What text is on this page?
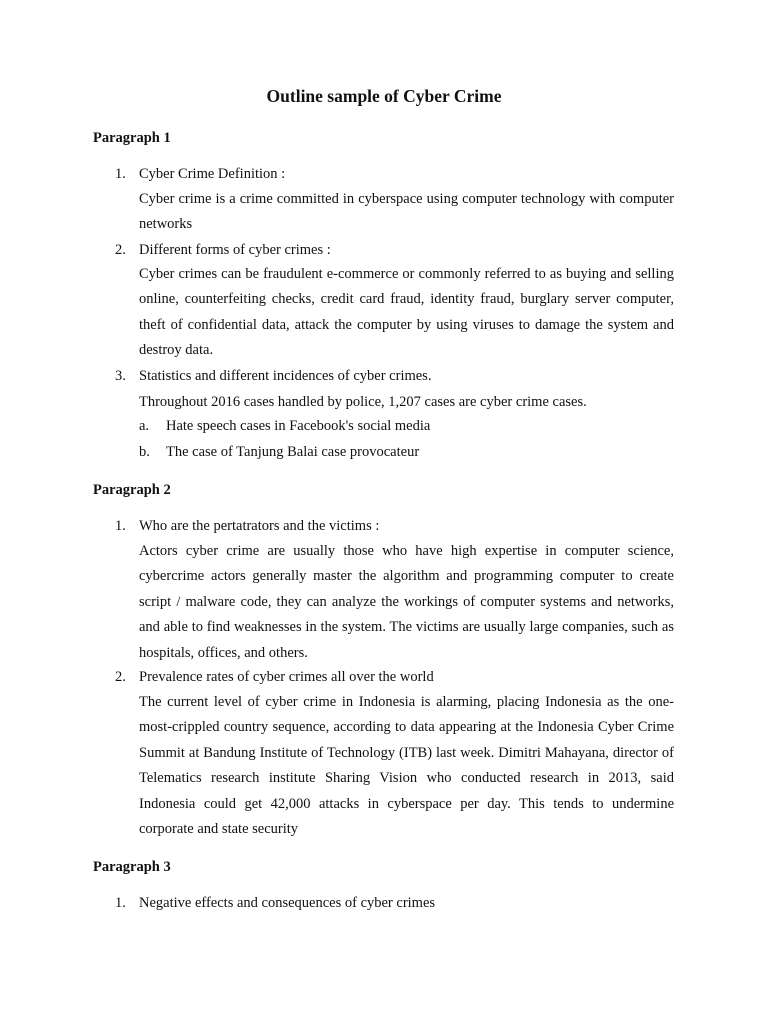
Outline sample of Cyber Crime
Paragraph 1
1. Cyber Crime Definition :
Cyber crime is a crime committed in cyberspace using computer technology with computer networks
2. Different forms of cyber crimes :
Cyber crimes can be fraudulent e-commerce or commonly referred to as buying and selling online, counterfeiting checks, credit card fraud, identity fraud, burglary server computer, theft of confidential data, attack the computer by using viruses to damage the system and destroy data.
3. Statistics and different incidences of cyber crimes.
Throughout 2016 cases handled by police, 1,207 cases are cyber crime cases.
a. Hate speech cases in Facebook's social media
b. The case of Tanjung Balai case provocateur
Paragraph 2
1. Who are the pertatrators and the victims :
Actors cyber crime are usually those who have high expertise in computer science, cybercrime actors generally master the algorithm and programming computer to create script / malware code, they can analyze the workings of computer systems and networks, and able to find weaknesses in the system. The victims are usually large companies, such as hospitals, offices, and others.
2. Prevalence rates of cyber crimes all over the world
The current level of cyber crime in Indonesia is alarming, placing Indonesia as the one-most-crippled country sequence, according to data appearing at the Indonesia Cyber Crime Summit at Bandung Institute of Technology (ITB) last week. Dimitri Mahayana, director of Telematics research institute Sharing Vision who conducted research in 2013, said Indonesia could get 42,000 attacks in cyberspace per day. This tends to undermine corporate and state security
Paragraph 3
1. Negative effects and consequences of cyber crimes
